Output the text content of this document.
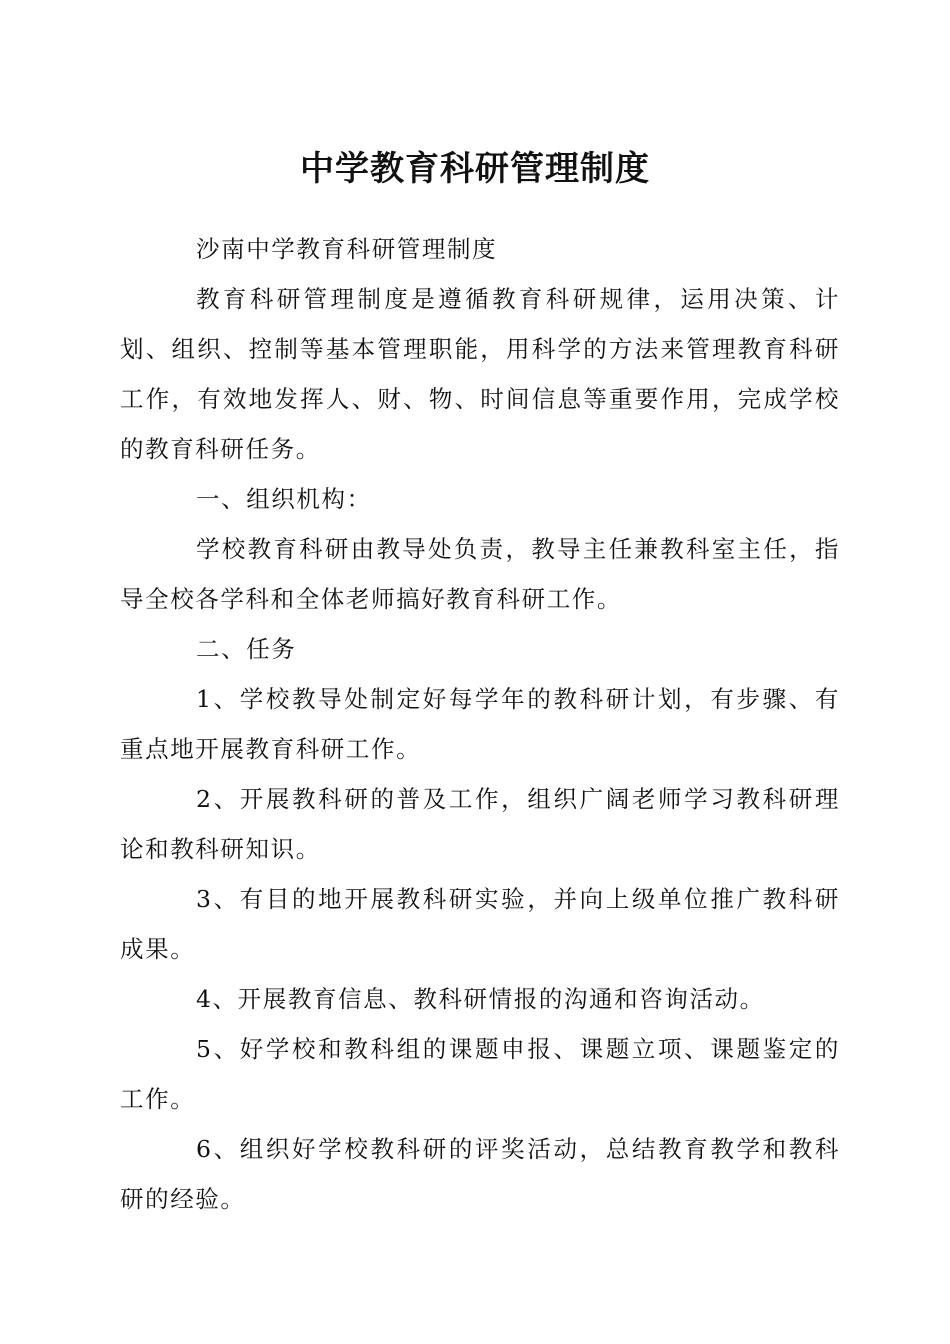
中学教育科研管理制度

沙南中学教育科研管理制度

教育科研管理制度是遵循教育科研规律，运用决策、计划、组织、控制等基本管理职能，用科学的方法来管理教育科研工作，有效地发挥人、财、物、时间信息等重要作用，完成学校的教育科研任务。

一、组织机构：

学校教育科研由教导处负责，教导主任兼教科室主任，指导全校各学科和全体老师搞好教育科研工作。

二、任务

1、学校教导处制定好每学年的教科研计划，有步骤、有重点地开展教育科研工作。

2、开展教科研的普及工作，组织广阔老师学习教科研理论和教科研知识。

3、有目的地开展教科研实验，并向上级单位推广教科研成果。

4、开展教育信息、教科研情报的沟通和咨询活动。

5、好学校和教科组的课题申报、课题立项、课题鉴定的工作。

6、组织好学校教科研的评奖活动，总结教育教学和教科研的经验。
